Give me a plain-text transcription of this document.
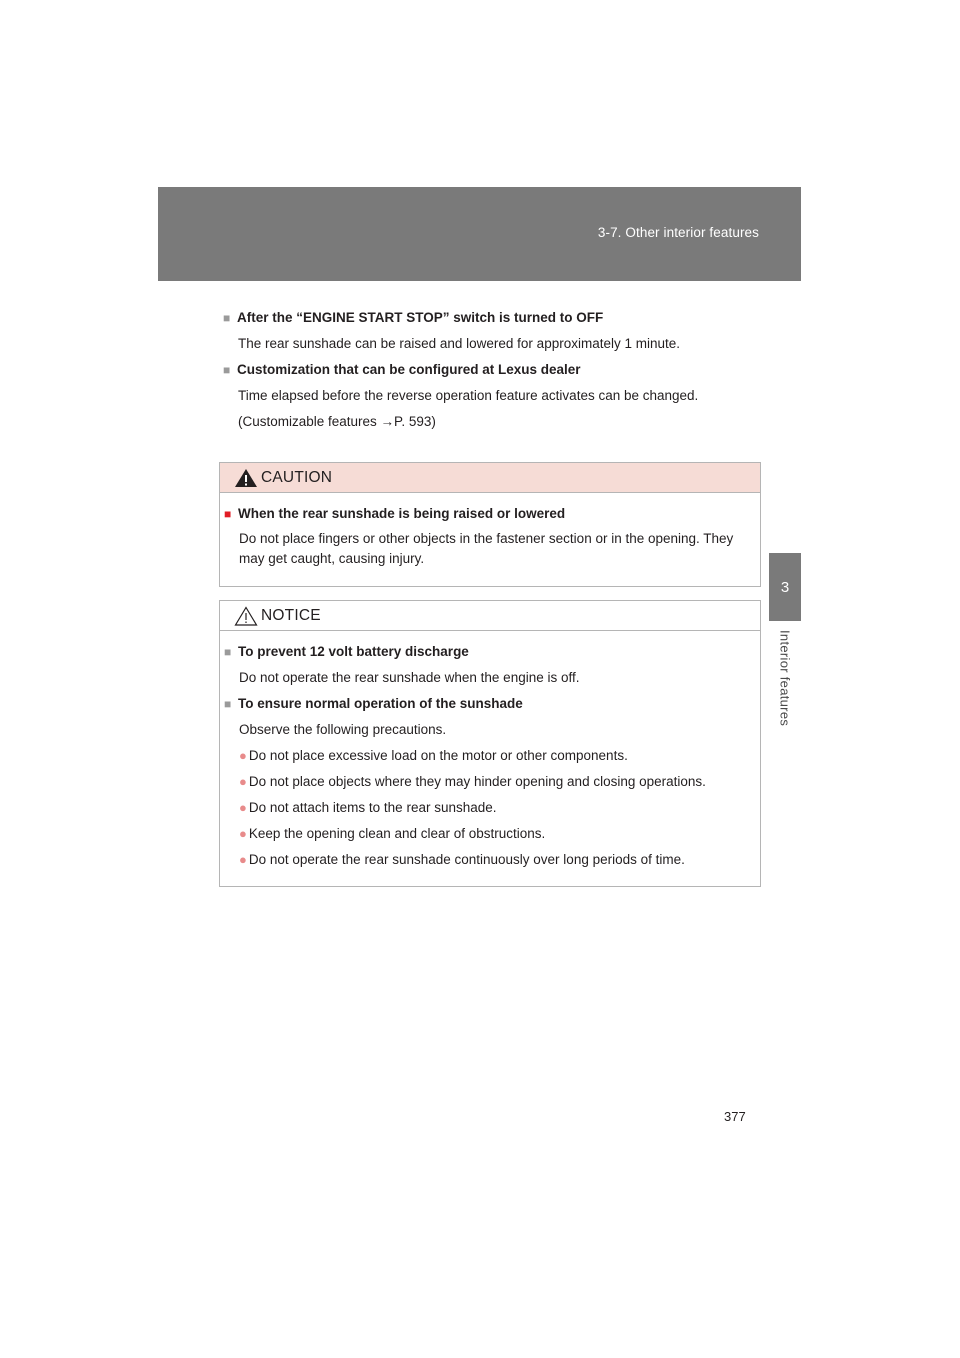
3-7. Other interior features
3
Interior features
■ After the “ENGINE START STOP” switch is turned to OFF
The rear sunshade can be raised and lowered for approximately 1 minute.
■ Customization that can be configured at Lexus dealer
Time elapsed before the reverse operation feature activates can be changed.
(Customizable features →P. 593)
CAUTION
■ When the rear sunshade is being raised or lowered
Do not place fingers or other objects in the fastener section or in the opening. They may get caught, causing injury.
NOTICE
■ To prevent 12 volt battery discharge
Do not operate the rear sunshade when the engine is off.
■ To ensure normal operation of the sunshade
Observe the following precautions.
● Do not place excessive load on the motor or other components.
● Do not place objects where they may hinder opening and closing operations.
● Do not attach items to the rear sunshade.
● Keep the opening clean and clear of obstructions.
● Do not operate the rear sunshade continuously over long periods of time.
377
